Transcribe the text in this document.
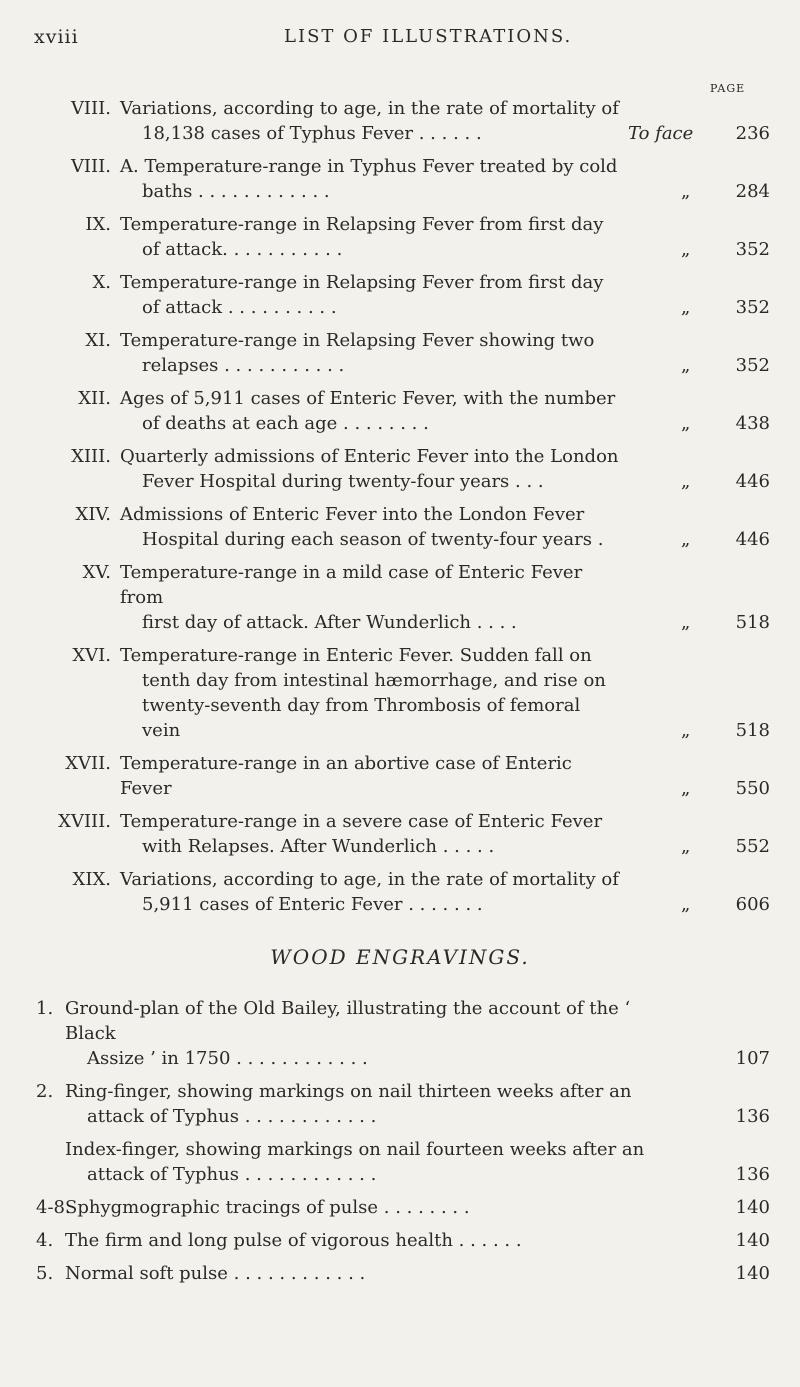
xviii	LIST OF ILLUSTRATIONS.
PAGE
VIII. Variations, according to age, in the rate of mortality of
18,138 cases of Typhus Fever . . . . . .	To face 236
VIII. A. Temperature-range in Typhus Fever treated by cold
baths . . . . . . . . . . . .	„	284
IX. Temperature-range in Relapsing Fever from first day
of attack. . . . . . . . . . .	„	352
X. Temperature-range in Relapsing Fever from first day
of attack . . . . . . . . . .	„	352
XI. Temperature-range in Relapsing Fever showing two
relapses . . . . . . . . . . .	„	352
XII. Ages of 5,911 cases of Enteric Fever, with the number
of deaths at each age . . . . . . . .	„	438
XIII. Quarterly admissions of Enteric Fever into the London
Fever Hospital during twenty-four years . . .	„	446
XIV. Admissions of Enteric Fever into the London Fever
Hospital during each season of twenty-four years .	„	446
XV. Temperature-range in a mild case of Enteric Fever from
first day of attack. After Wunderlich . . . .	„	518
XVI. Temperature-range in Enteric Fever. Sudden fall on
tenth day from intestinal hæmorrhage, and rise on
twenty-seventh day from Thrombosis of femoral vein	„	518
XVII. Temperature-range in an abortive case of Enteric Fever	„	550
XVIII. Temperature-range in a severe case of Enteric Fever
with Relapses. After Wunderlich . . . . .	„	552
XIX. Variations, according to age, in the rate of mortality of
5,911 cases of Enteric Fever . . . . . . .	„	606
WOOD ENGRAVINGS.
1. Ground-plan of the Old Bailey, illustrating the account of the ‘ Black
Assize ’ in 1750 . . . . . . . . . . . .	107
2. Ring-finger, showing markings on nail thirteen weeks after an
attack of Typhus . . . . . . . . . . . .	136
Index-finger, showing markings on nail fourteen weeks after an
attack of Typhus . . . . . . . . . . . .	136
4-8.
Sphygmographic tracings of pulse . . . . . . . .	140
4. The firm and long pulse of vigorous health . . . . . .	140
5. Normal soft pulse . . . . . . . . . . . .	140
